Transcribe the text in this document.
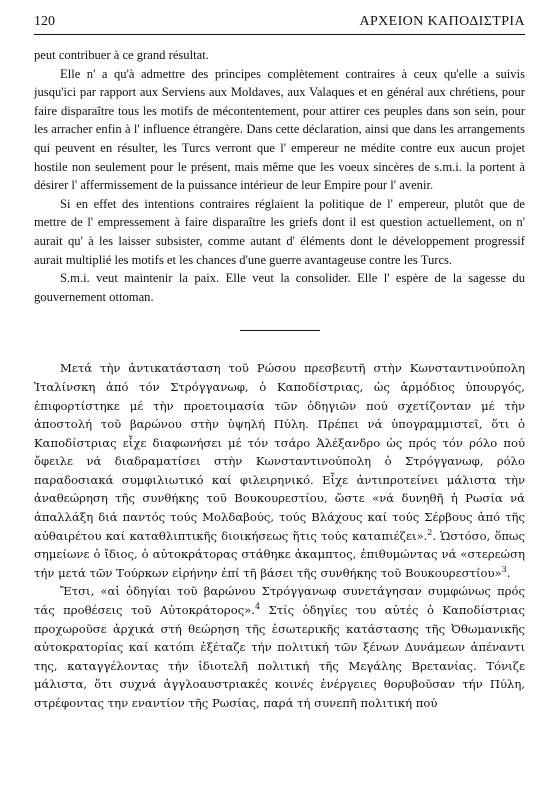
120	ΑΡΧΕΙΟΝ ΚΑΠΟΔΙΣΤΡΙΑ

peut contribuer à ce grand résultat.

Elle n' a qu'à admettre des principes complètement contraires à ceux qu'elle a suivis jusqu'ici par rapport aux Serviens aux Moldaves, aux Valaques et en général aux chrétiens, pour faire disparaître tous les motifs de mécontentement, pour attirer ces peuples dans son sein, pour les arracher enfin à l' influence étrangère. Dans cette déclaration, ainsi que dans les arrangements qui peuvent en résulter, les Turcs verront que l' empereur ne médite contre eux aucun projet hostile non seulement pour le présent, mais même que les voeux sincères de s.m.i. la portent à désirer l' affermissement de la puissance intérieur de leur Empire pour l' avenir.

Si en effet des intentions contraires réglaient la politique de l' empereur, plutôt que de mettre de l' empressement à faire disparaître les griefs dont il est question actuellement, on n' aurait qu' à les laisser subsister, comme autant d' éléments dont le développement progressif aurait multiplié les motifs et les chances d'une guerre avantageuse contre les Turcs.

S.m.i. veut maintenir la paix. Elle veut la consolider. Elle l' espère de la sagesse du gouvernement ottoman.

Μετά τὴν ἀντικατάσταση τοῦ Ρώσου πρεσβευτῆ στὴν Κωνσταντινούπολη Ἰταλίνσκη ἀπό τόν Στρόγγανωφ, ὁ Καποδίστριας, ὡς ἁρμόδιος ὑπουργός, ἐπιφορτίστηκε μέ τὴν προετοιμασία τῶν ὁδηγιῶν πού σχετίζονταν μέ τὴν ἀποστολή τοῦ βαρώνου στὴν ὑψηλή Πύλη. Πρέπει νά ὑπογραμμιστεῖ, ὅτι ὁ Καποδίστριας εἶχε διαφωνήσει μέ τόν τσάρο Ἀλέξανδρο ὡς πρός τόν ρόλο πού ὄφειλε νά διαδραματίσει στὴν Κωνσταντινούπολη ὁ Στρόγγανωφ, ρόλο παραδοσιακά συμφιλιωτικό καί φιλειρηνικό. Εἶχε ἀντιπροτείνει μάλιστα τὴν ἀναθεώρηση τῆς συνθήκης τοῦ Βουκουρεστίου, ὥστε «νά δυνηθῆ ἡ Ρωσία νά ἀπαλλάξη διά παντός τούς Μολδαβούς, τούς Βλάχους καί τούς Σέρβους ἀπό τῆς αὐθαιρέτου καί καταθλιπτικῆς διοικήσεως ἥτις τούς καταπιέζει».$^2$. Ὡστόσο, ὅπως σημείωνε ὁ ἴδιος, ὁ αὐτοκράτορας στάθηκε ἀκαμπτος, ἐπιθυμώντας νά «στερεώση τήν μετά τῶν Τούρκων εἰρήνην ἐπί τῆ βάσει τῆς συνθήκης τοῦ Βουκουρεστίου»$^3$.

Ἔτσι, «αἱ ὁδηγίαι τοῦ βαρώνου Στρόγγανωφ συνετάγησαν συμφώνως πρός τάς προθέσεις τοῦ Αὐτοκράτορος».$^4$ Στίς ὁδηγίες του αὐτές ὁ Καποδίστριας προχωροῦσε ἀρχικά στή θεώρηση τῆς ἐσωτερικῆς κατάστασης τῆς Ὀθωμανικῆς αὐτοκρατορίας καί κατόπι ἐξέταζε τήν πολιτική τῶν ξένων Δυνάμεων ἀπέναντι της, καταγγέλοντας τήν ἰδιοτελῆ πολιτική τῆς Μεγάλης Βρετανίας. Τόνιζε μάλιστα, ὅτι συχνά ἀγγλοαυστριακές κοινές ἐνέργειες θορυβοῦσαν τήν Πύλη, στρέφοντας την εναντίον τῆς Ρωσίας, παρά τή συνεπῆ πολιτική πού
